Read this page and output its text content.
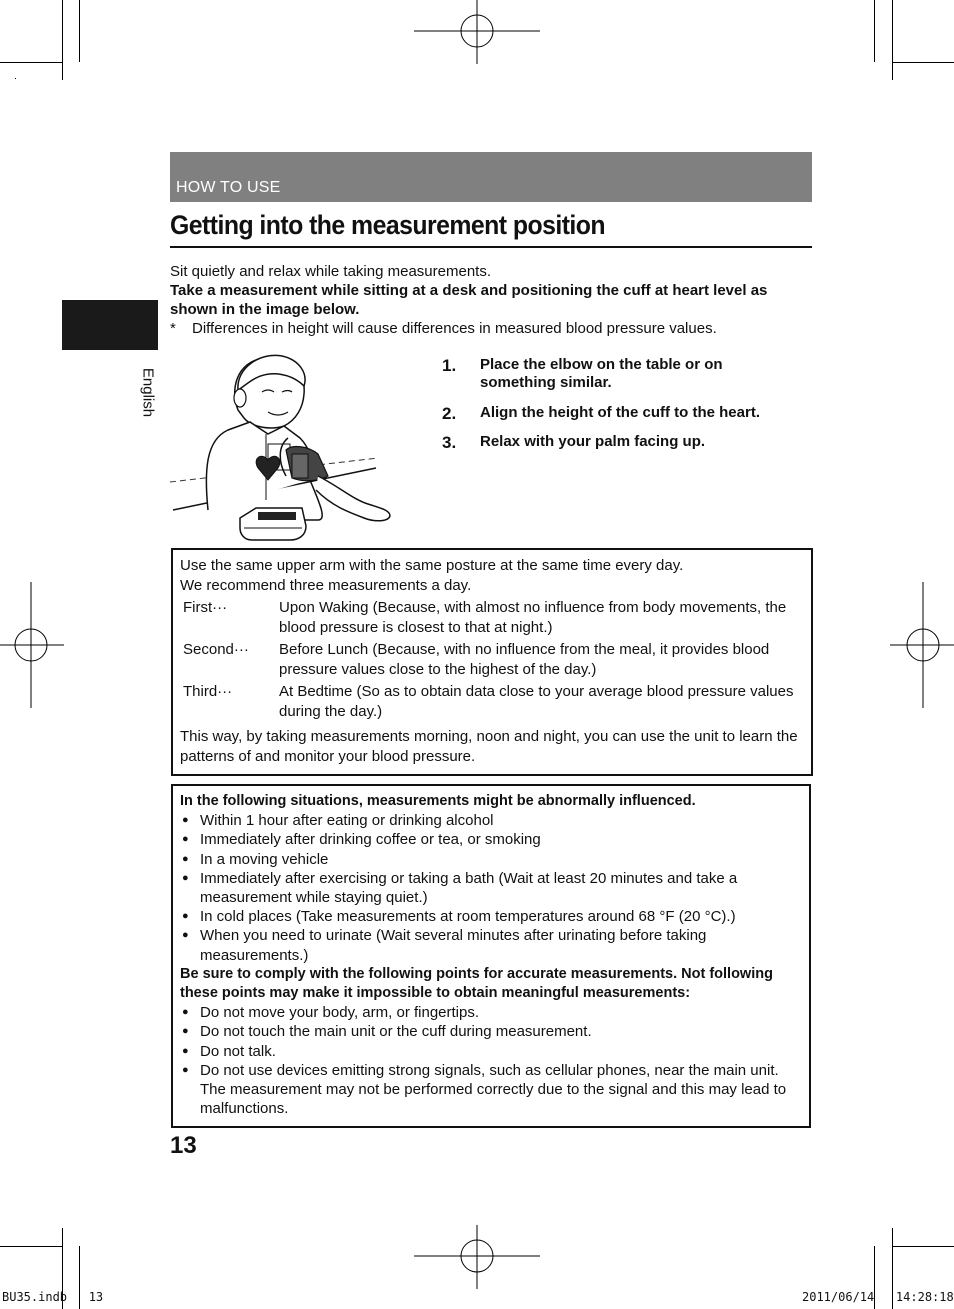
HOW TO USE
Getting into the measurement position
English

Sit quietly and relax while taking measurements.

Take a measurement while sitting at a desk and positioning the cuff at heart level as shown in the image below.

*	Differences in height will cause differences in measured blood pressure values.
1.	Place the elbow on the table or on something similar.
2.	Align the height of the cuff to the heart.
3.	Relax with your palm facing up.

Use the same upper arm with the same posture at the same time every day.

We recommend three measurements a day.

First···	Upon Waking (Because, with almost no influence from body movements, the blood pressure is closest to that at night.)
Second···	Before Lunch (Because, with no influence from the meal, it provides blood pressure values close to the highest of the day.)
Third···	At Bedtime (So as to obtain data close to your average blood pressure values during the day.)

This way, by taking measurements morning, noon and night, you can use the unit to learn the patterns of and monitor your blood pressure.

In the following situations, measurements might be abnormally influenced.
● Within 1 hour after eating or drinking alcohol
● Immediately after drinking coffee or tea, or smoking
● In a moving vehicle
● Immediately after exercising or taking a bath (Wait at least 20 minutes and take a measurement while staying quiet.)
● In cold places (Take measurements at room temperatures around 68 °F (20 °C).)
● When you need to urinate (Wait several minutes after urinating before taking measurements.)
Be sure to comply with the following points for accurate measurements. Not following these points may make it impossible to obtain meaningful measurements:
● Do not move your body, arm, or fingertips.
● Do not touch the main unit or the cuff during measurement.
● Do not talk.
● Do not use devices emitting strong signals, such as cellular phones, near the main unit. The measurement may not be performed correctly due to the signal and this may lead to malfunctions.
13
BU35.indb   13	2011/06/14   14:28:18
